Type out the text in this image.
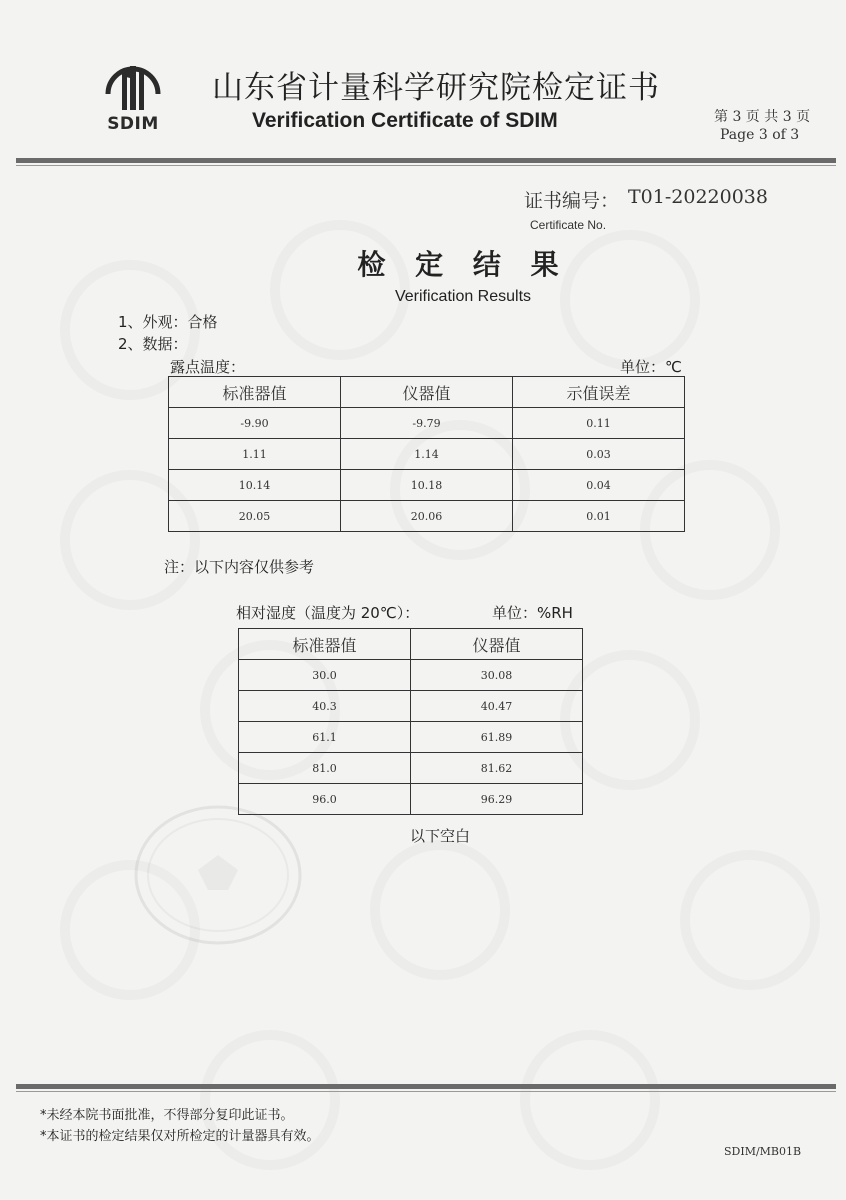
SDIM
山东省计量科学研究院检定证书
Verification Certificate of SDIM	第 3 页 共 3 页
Page 3 of 3
证书编号： T01-20220038
Certificate No.
检 定 结 果
Verification Results
1、外观：合格
2、数据：
露点温度：	单位：℃
标准器值	仪器值	示值误差
-9.90	-9.79	0.11
1.11	1.14	0.03
10.14	10.18	0.04
20.05	20.06	0.01
注：以下内容仅供参考
相对湿度（温度为 20℃）：	单位：%RH
标准器值	仪器值
30.0	30.08
40.3	40.47
61.1	61.89
81.0	81.62
96.0	96.29
以下空白
*未经本院书面批准，不得部分复印此证书。
*本证书的检定结果仅对所检定的计量器具有效。
SDIM/MB01B
